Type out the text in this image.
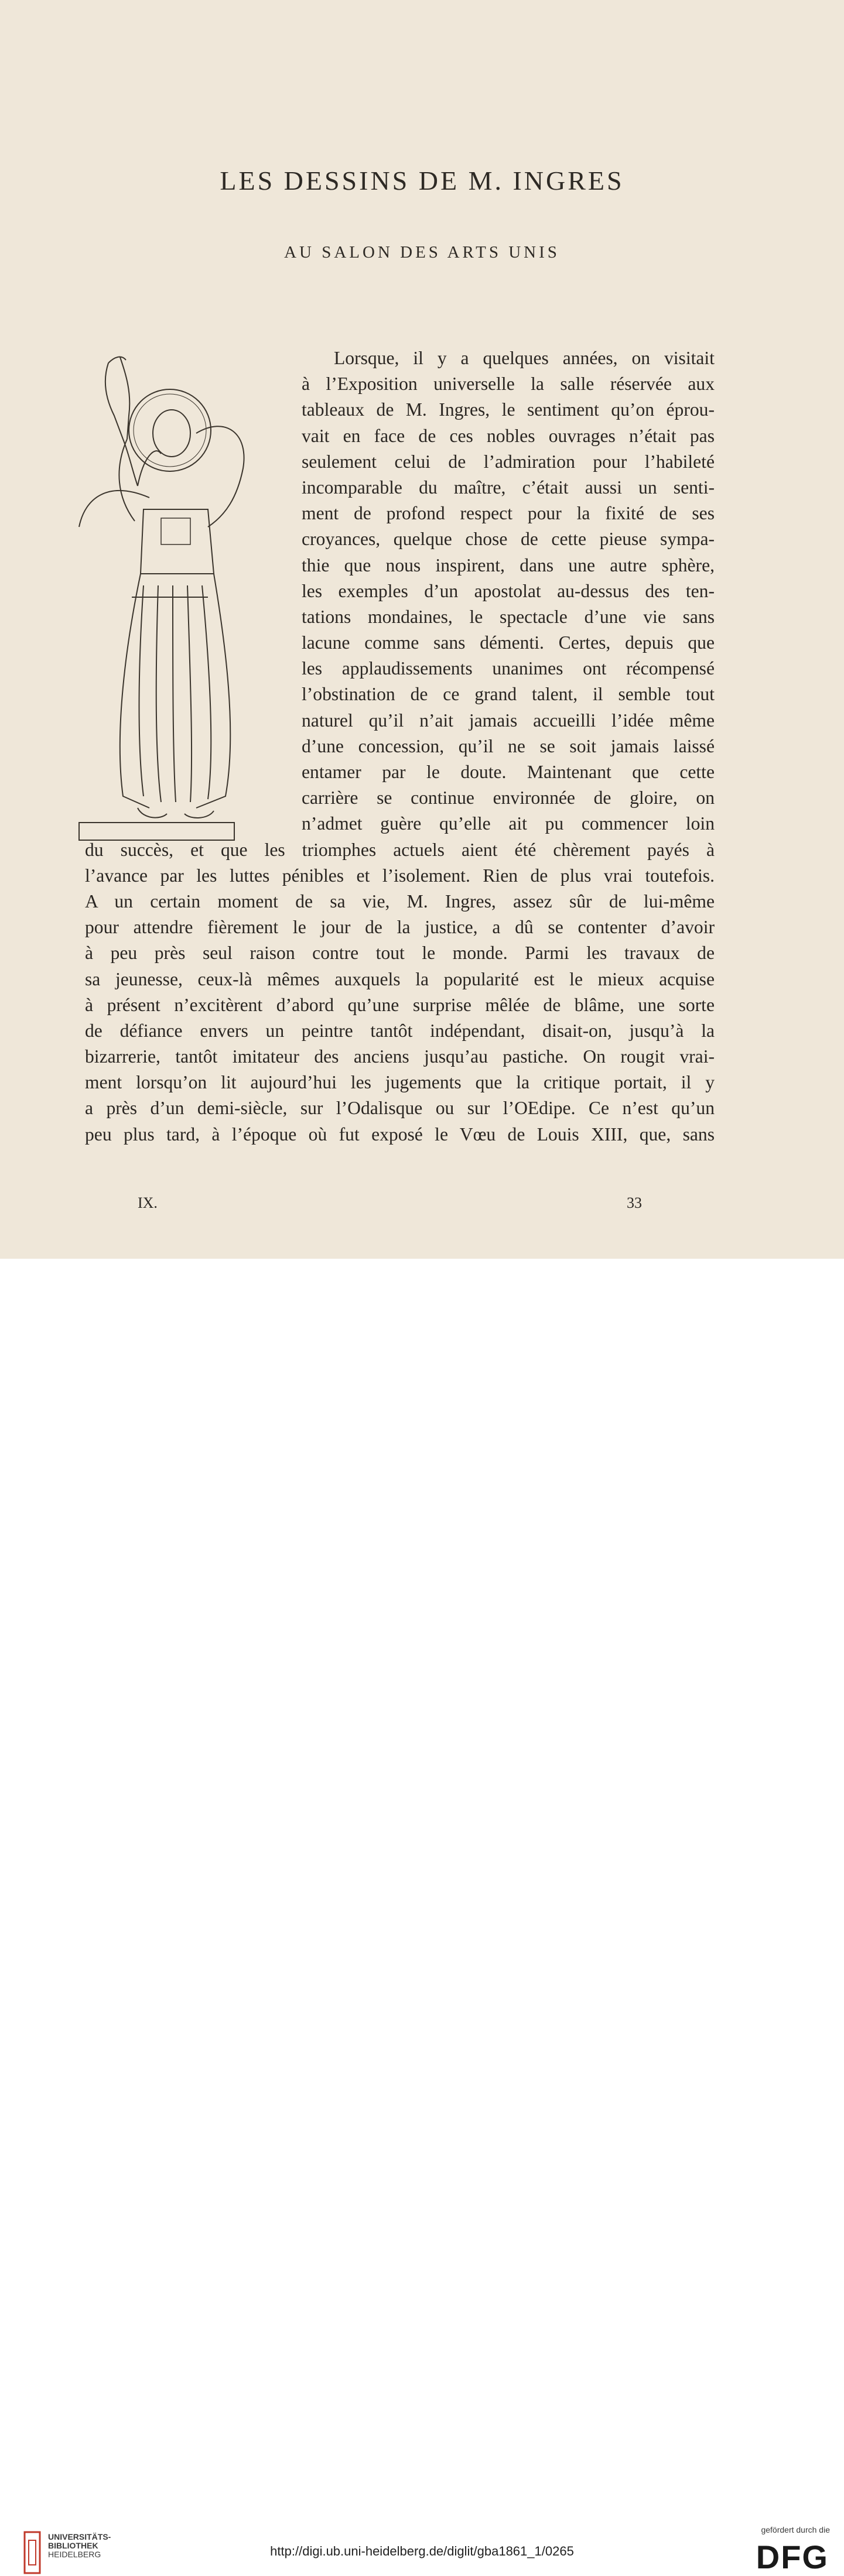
LES DESSINS DE M. INGRES
AU SALON DES ARTS UNIS
Lorsque, il y a quelques années, on visitait
à l’Exposition universelle la salle réservée aux
tableaux de M. Ingres, le sentiment qu’on éprou-
vait en face de ces nobles ouvrages n’était pas
seulement celui de l’admiration pour l’habileté
incomparable du maître, c’était aussi un senti-
ment de profond respect pour la fixité de ses
croyances, quelque chose de cette pieuse sympa-
thie que nous inspirent, dans une autre sphère,
les exemples d’un apostolat au-dessus des ten-
tations mondaines, le spectacle d’une vie sans
lacune comme sans démenti. Certes, depuis que
les applaudissements unanimes ont récompensé
l’obstination de ce grand talent, il semble tout
naturel qu’il n’ait jamais accueilli l’idée même
d’une concession, qu’il ne se soit jamais laissé
entamer par le doute. Maintenant que cette
carrière se continue environnée de gloire, on
n’admet guère qu’elle ait pu commencer loin
du succès, et que les triomphes actuels aient été chèrement payés à
l’avance par les luttes pénibles et l’isolement. Rien de plus vrai toutefois.
A un certain moment de sa vie, M. Ingres, assez sûr de lui-même
pour attendre fièrement le jour de la justice, a dû se contenter d’avoir
à peu près seul raison contre tout le monde. Parmi les travaux de
sa jeunesse, ceux-là mêmes auxquels la popularité est le mieux acquise
à présent n’excitèrent d’abord qu’une surprise mêlée de blâme, une sorte
de défiance envers un peintre tantôt indépendant, disait-on, jusqu’à la
bizarrerie, tantôt imitateur des anciens jusqu’au pastiche. On rougit vrai-
ment lorsqu’on lit aujourd’hui les jugements que la critique portait, il y
a près d’un demi-siècle, sur l’Odalisque ou sur l’OEdipe. Ce n’est qu’un
peu plus tard, à l’époque où fut exposé le Vœu de Louis XIII, que, sans
IX.	33
UNIVERSITÄTS-
BIBLIOTHEK
HEIDELBERG	http://digi.ub.uni-heidelberg.de/diglit/gba1861_1/0265
gefördert durch die
DFG
